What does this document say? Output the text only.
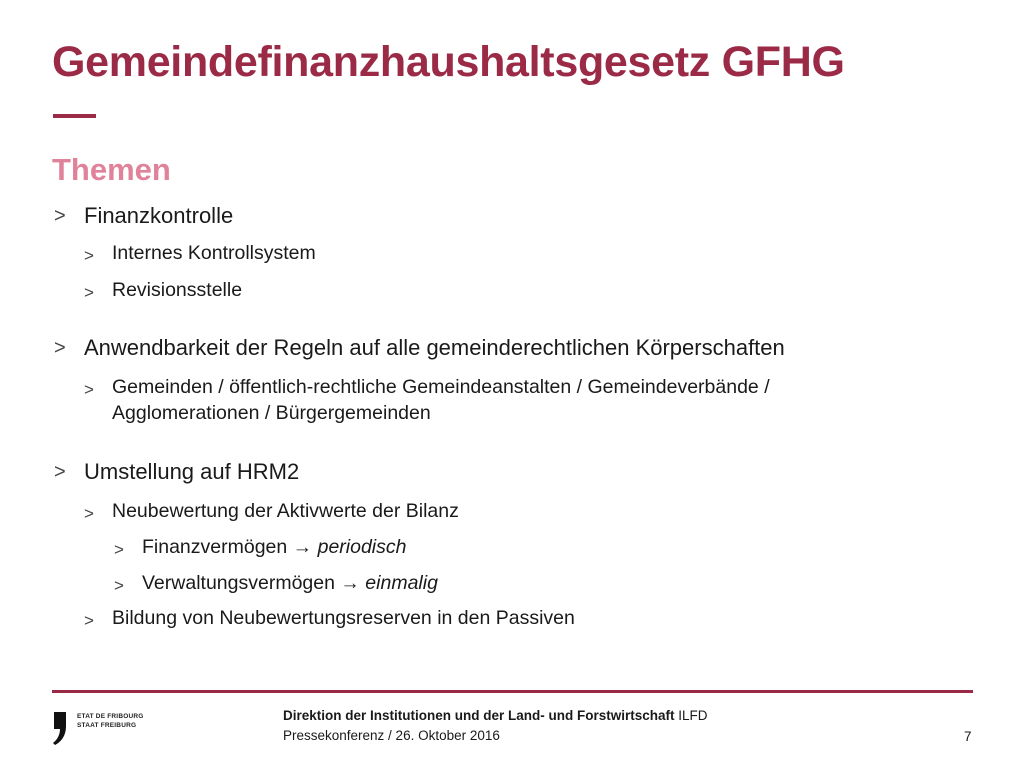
Gemeindefinanzhaushaltsgesetz GFHG
Themen
> Finanzkontrolle
> Internes Kontrollsystem
> Revisionsstelle
> Anwendbarkeit der Regeln auf alle gemeinderechtlichen Körperschaften
> Gemeinden / öffentlich-rechtliche Gemeindeanstalten / Gemeindeverbände /
Agglomerationen / Bürgergemeinden
> Umstellung auf HRM2
> Neubewertung der Aktivwerte der Bilanz
> Finanzvermögen → periodisch
> Verwaltungsvermögen → einmalig
> Bildung von Neubewertungsreserven in den Passiven
ETAT DE FRIBOURG
STAAT FREIBURG
Direktion der Institutionen und der Land- und Forstwirtschaft ILFD
Pressekonferenz / 26. Oktober 2016	7
